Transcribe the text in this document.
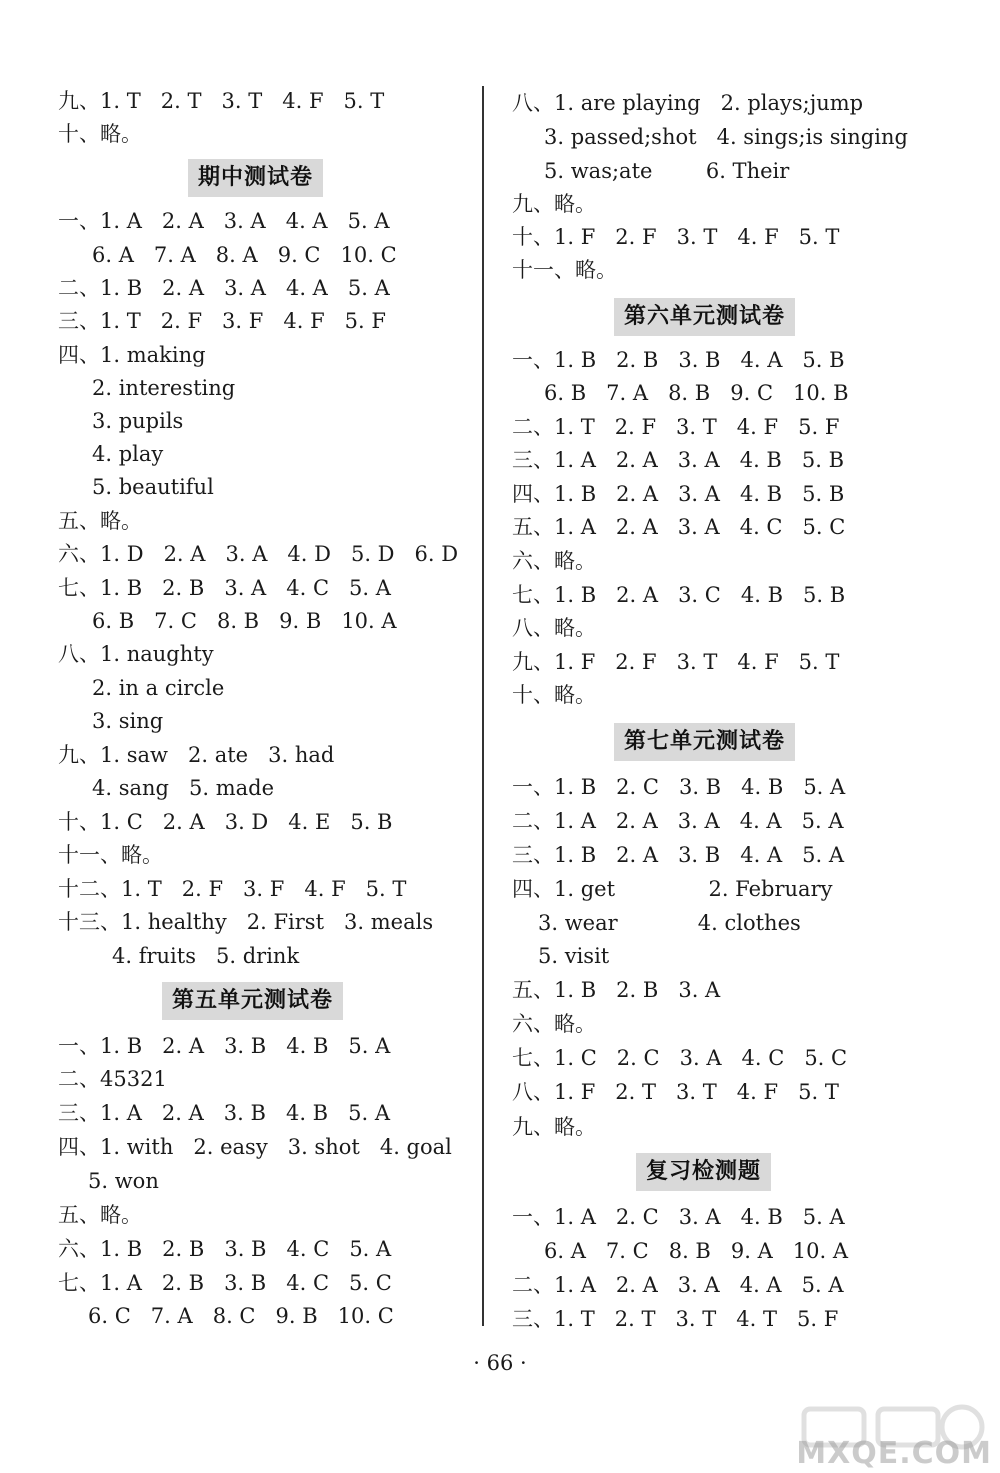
九、1. T   2. T   3. T   4. F   5. T
十、略。
期中测试卷
一、1. A   2. A   3. A   4. A   5. A
6. A   7. A   8. A   9. C   10. C
二、1. B   2. A   3. A   4. A   5. A
三、1. T   2. F   3. F   4. F   5. F
四、1. making
2. interesting
3. pupils
4. play
5. beautiful
五、略。
六、1. D   2. A   3. A   4. D   5. D   6. D
七、1. B   2. B   3. A   4. C   5. A
6. B   7. C   8. B   9. B   10. A
八、1. naughty
2. in a circle
3. sing
九、1. saw   2. ate   3. had
4. sang   5. made
十、1. C   2. A   3. D   4. E   5. B
十一、略。
十二、1. T   2. F   3. F   4. F   5. T
十三、1. healthy   2. First   3. meals
4. fruits   5. drink
第五单元测试卷
一、1. B   2. A   3. B   4. B   5. A
二、45321
三、1. A   2. A   3. B   4. B   5. A
四、1. with   2. easy   3. shot   4. goal
5. won
五、略。
六、1. B   2. B   3. B   4. C   5. A
七、1. A   2. B   3. B   4. C   5. C
6. C   7. A   8. C   9. B   10. C
八、1. are playing   2. plays;jump
3. passed;shot   4. sings;is singing
5. was;ate        6. Their
九、略。
十、1. F   2. F   3. T   4. F   5. T
十一、略。
第六单元测试卷
一、1. B   2. B   3. B   4. A   5. B
6. B   7. A   8. B   9. C   10. B
二、1. T   2. F   3. T   4. F   5. F
三、1. A   2. A   3. A   4. B   5. B
四、1. B   2. A   3. A   4. B   5. B
五、1. A   2. A   3. A   4. C   5. C
六、略。
七、1. B   2. A   3. C   4. B   5. B
八、略。
九、1. F   2. F   3. T   4. F   5. T
十、略。
第七单元测试卷
一、1. B   2. C   3. B   4. B   5. A
二、1. A   2. A   3. A   4. A   5. A
三、1. B   2. A   3. B   4. A   5. A
四、1. get              2. February
3. wear            4. clothes
5. visit
五、1. B   2. B   3. A
六、略。
七、1. C   2. C   3. A   4. C   5. C
八、1. F   2. T   3. T   4. F   5. T
九、略。
复习检测题
一、1. A   2. C   3. A   4. B   5. A
6. A   7. C   8. B   9. A   10. A
二、1. A   2. A   3. A   4. A   5. A
三、1. T   2. T   3. T   4. T   5. F
· 66 ·
MXQE.COM
